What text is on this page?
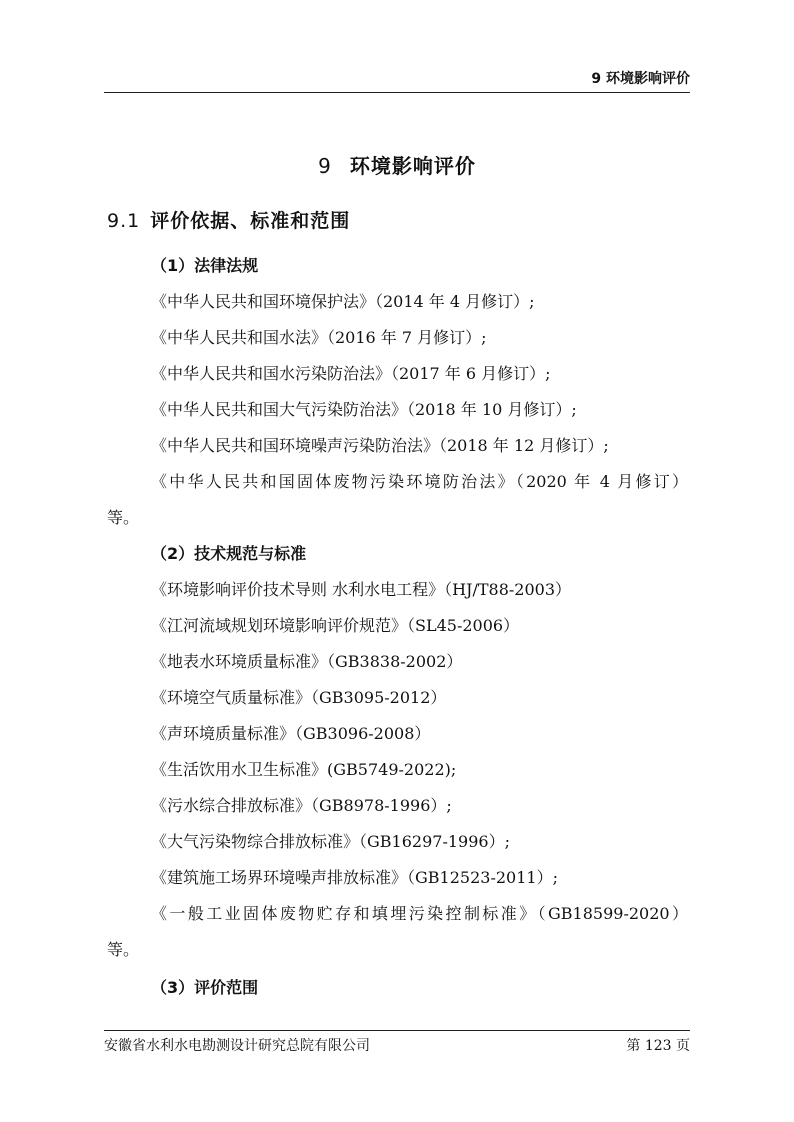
9 环境影响评价
9 环境影响评价
9.1 评价依据、标准和范围
（1）法律法规
《中华人民共和国环境保护法》（2014 年 4 月修订）;
《中华人民共和国水法》（2016 年 7 月修订）;
《中华人民共和国水污染防治法》（2017 年 6 月修订）;
《中华人民共和国大气污染防治法》（2018 年 10 月修订）;
《中华人民共和国环境噪声污染防治法》（2018 年 12 月修订）;
《中华人民共和国固体废物污染环境防治法》（2020 年 4 月修订）
等。
（2）技术规范与标准
《环境影响评价技术导则 水利水电工程》（HJ/T88-2003）
《江河流域规划环境影响评价规范》（SL45-2006）
《地表水环境质量标准》（GB3838-2002）
《环境空气质量标准》（GB3095-2012）
《声环境质量标准》（GB3096-2008）
《生活饮用水卫生标准》(GB5749-2022);
《污水综合排放标准》（GB8978-1996）;
《大气污染物综合排放标准》（GB16297-1996）;
《建筑施工场界环境噪声排放标准》（GB12523-2011）;
《一般工业固体废物贮存和填埋污染控制标准》（GB18599-2020）
等。
（3）评价范围
安徽省水利水电勘测设计研究总院有限公司	第 123 页
